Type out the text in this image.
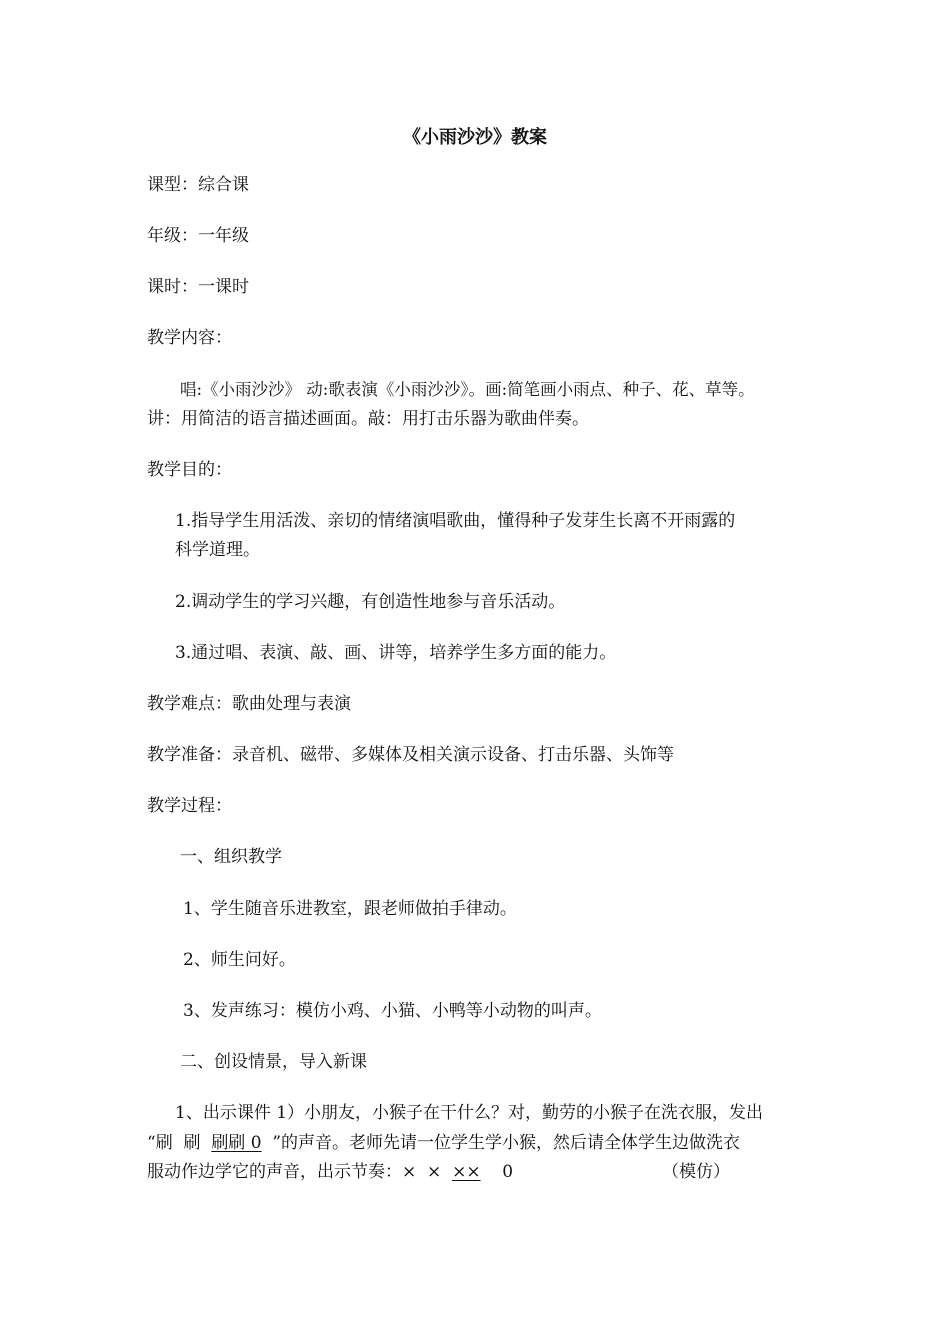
《小雨沙沙》教案
课型：综合课
年级：一年级
课时：一课时
教学内容：
唱:《小雨沙沙》 动:歌表演《小雨沙沙》。画:简笔画小雨点、种子、花、草等。
讲：用简洁的语言描述画面。敲：用打击乐器为歌曲伴奏。
教学目的：
1.指导学生用活泼、亲切的情绪演唱歌曲，懂得种子发芽生长离不开雨露的
科学道理。
2.调动学生的学习兴趣，有创造性地参与音乐活动。
3.通过唱、表演、敲、画、讲等，培养学生多方面的能力。
教学难点：歌曲处理与表演
教学准备：录音机、磁带、多媒体及相关演示设备、打击乐器、头饰等
教学过程：
一、组织教学
1、学生随音乐进教室，跟老师做拍手律动。
2、师生问好。
3、发声练习：模仿小鸡、小猫、小鸭等小动物的叫声。
二、创设情景，导入新课
1、出示课件 1）小朋友，小猴子在干什么？对，勤劳的小猴子在洗衣服，发出
“刷  刷  刷刷 0  ”的声音。老师先请一位学生学小猴，然后请全体学生边做洗衣
服动作边学它的声音，出示节奏：×  ×  ××    0	（模仿）
